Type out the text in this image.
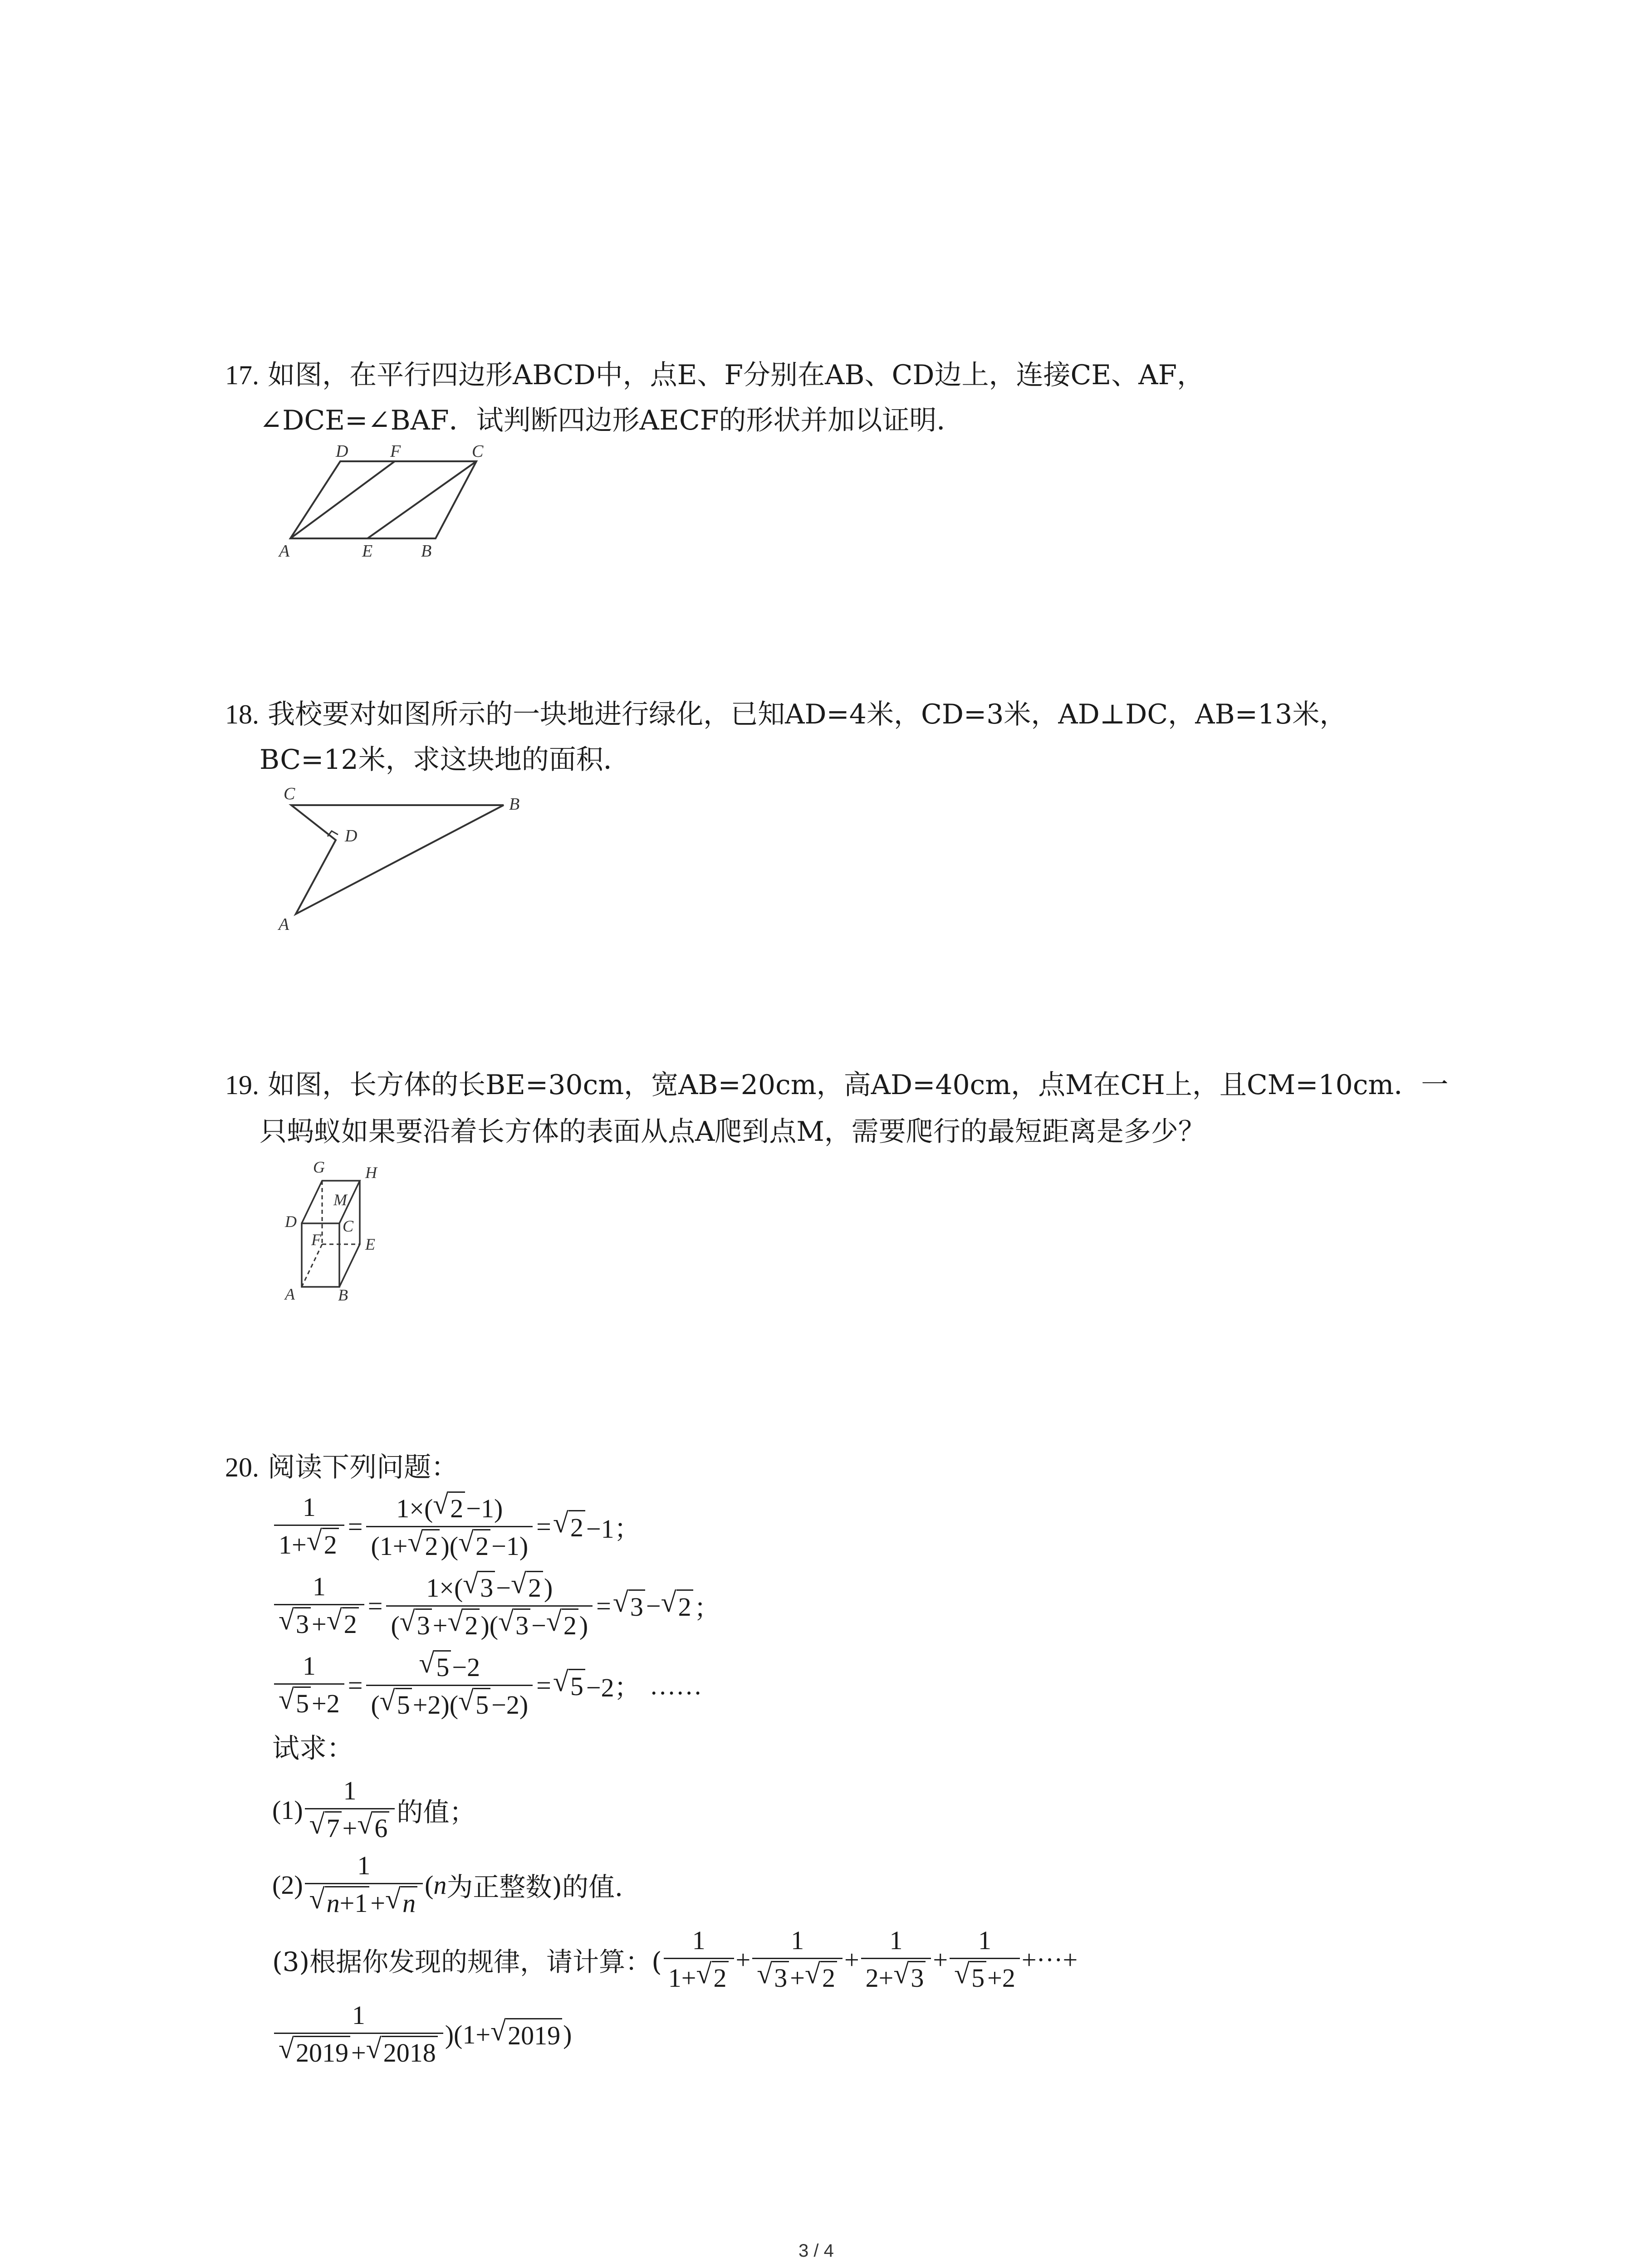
17. 如图，在平行四边形ABCD中，点E、F分别在AB、CD边上，连接CE、AF，
∠DCE=∠BAF．试判断四边形AECF的形状并加以证明．
D F	C
A	E	B
18. 我校要对如图所示的一块地进行绿化，已知AD=4米，CD=3米，AD⊥DC，AB=13米，
BC=12米，求这块地的面积．
C
B
D
A
19. 如图，长方体的长BE=30cm，宽AB=20cm，高AD=40cm，点M在CH上，且CM=10cm．一
只蚂蚁如果要沿着长方体的表面从点A爬到点M，需要爬行的最短距离是多少？
G H
M
D
F
C
E
A	B
20. 阅读下列问题：
$\frac{1}{1+ √ 2} = \frac{1\times( √ 2 -1)}{(1+ √ 2 )( √ 2 -1)}$ = √ 2 −1；
$\frac{1}{√ 3 + √ 2} = \frac{1\times( √ 3 - √ 2 )}{( √ 3 + √ 2 )( √ 3 - √ 2 )}$ = √ 3 − √ 2 ；
$\frac{1}{√ 5 +2} = \frac{√ 5 -2}{( √ 5 +2)( √ 5 -2)}$ = √ 5 −2； ……
试求：
$(1) \frac{1}{√ 7 + √ 6}$ 的值；
$(2) \frac{1}{√ n+1 + √ n}$ ( n 为正整数)的值．
(3)根据你发现的规律，请计算：( $\frac{1}{1+ √ 2} + \frac{1}{√ 3 + √ 2} + \frac{1}{2+ √ 3} + \frac{1}{√ 5 +2}$ +···+
$\frac{1}{√ 2019 + √ 2018} )(1+$ √ 2019 )
3 / 4
